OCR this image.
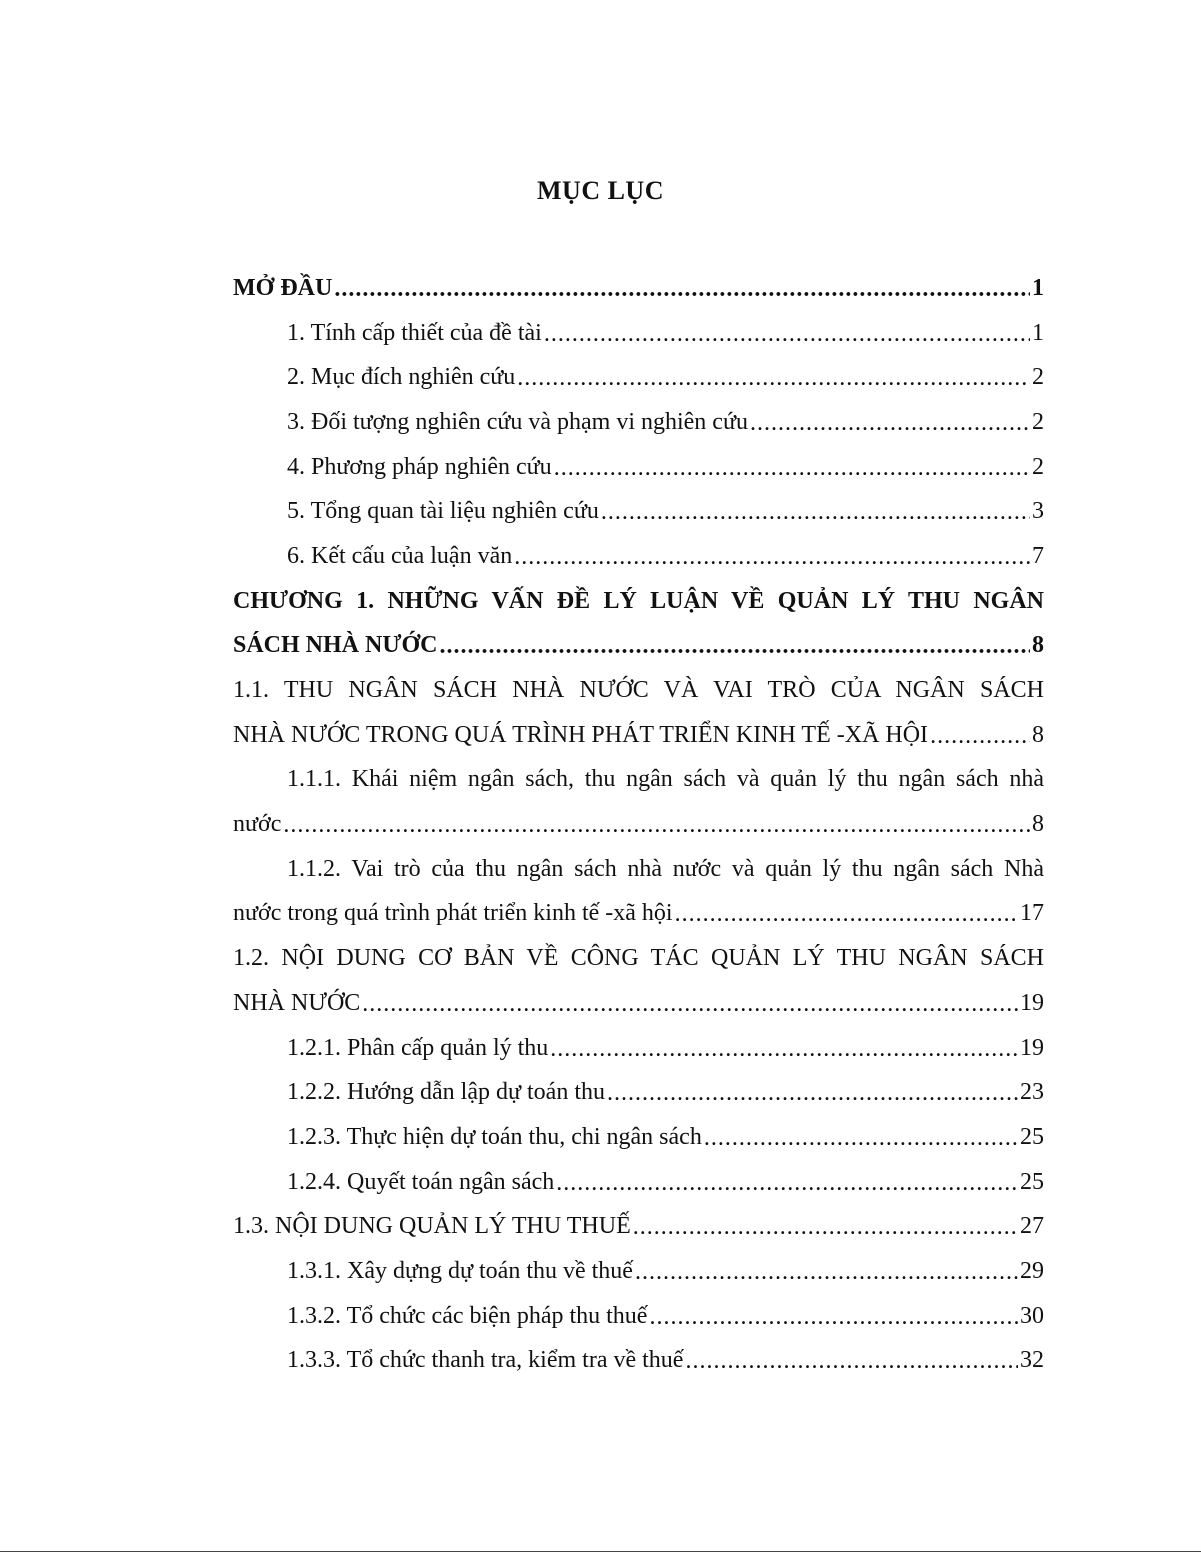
MỤC LỤC
MỞ ĐẦU .....	1
1. Tính cấp thiết của đề tài .....	1
2. Mục đích nghiên cứu .....	2
3. Đối tượng nghiên cứu và phạm vi nghiên cứu .....	2
4. Phương pháp nghiên cứu .....	2
5. Tổng quan tài liệu nghiên cứu .....	3
6. Kết cấu của luận văn .....	7
CHƯƠNG 1. NHỮNG VẤN ĐỀ LÝ LUẬN VỀ QUẢN LÝ THU NGÂN
SÁCH NHÀ NƯỚC .....	8
1.1. THU NGÂN SÁCH NHÀ NƯỚC VÀ VAI TRÒ CỦA NGÂN SÁCH
NHÀ NƯỚC TRONG QUÁ TRÌNH PHÁT TRIỂN KINH TẾ -XÃ HỘI .....	8
1.1.1. Khái niệm ngân sách, thu ngân sách và quản lý thu ngân sách nhà
nước .....	8
1.1.2. Vai trò của thu ngân sách nhà nước và quản lý thu ngân sách Nhà
nước trong quá trình phát triển kinh tế -xã hội .....	17
1.2. NỘI DUNG CƠ BẢN VỀ CÔNG TÁC QUẢN LÝ THU NGÂN SÁCH
NHÀ NƯỚC .....	19
1.2.1. Phân cấp quản lý thu .....	19
1.2.2. Hướng dẫn lập dự toán thu .....	23
1.2.3. Thực hiện dự toán thu, chi ngân sách .....	25
1.2.4. Quyết toán ngân sách .....	25
1.3. NỘI DUNG QUẢN LÝ THU THUẾ .....	27
1.3.1. Xây dựng dự toán thu về thuế .....	29
1.3.2. Tổ chức các biện pháp thu thuế .....	30
1.3.3. Tổ chức thanh tra, kiểm tra về thuế .....	32
